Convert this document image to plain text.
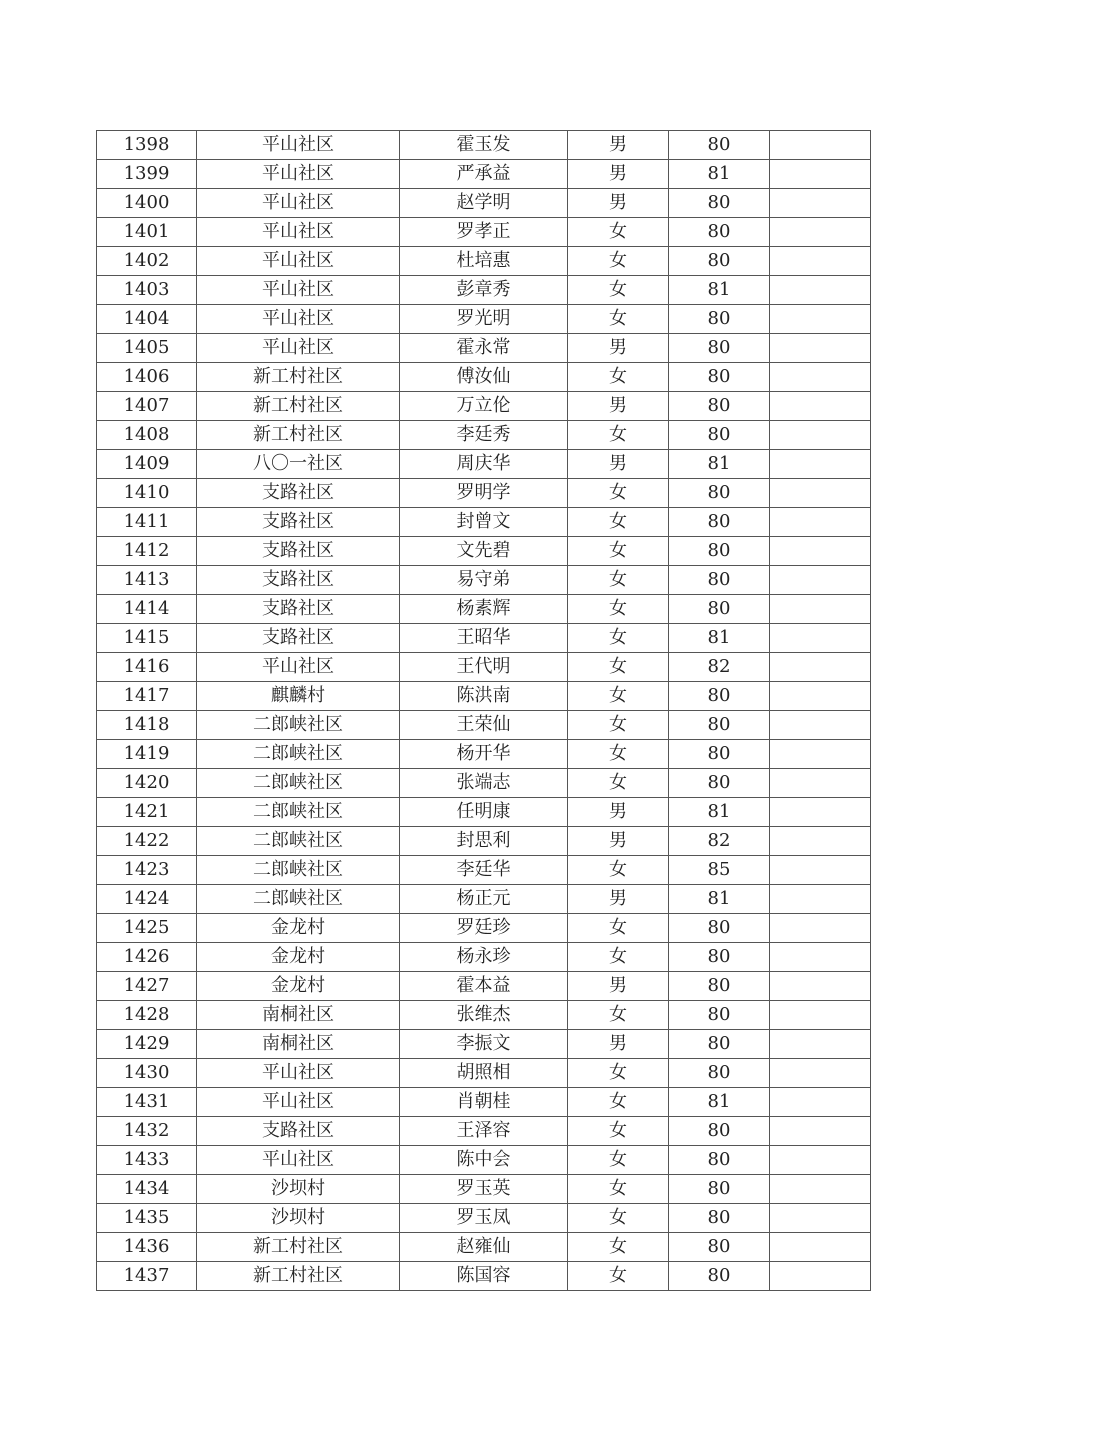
1398	平山社区	霍玉发	男	80	
1399	平山社区	严承益	男	81	
1400	平山社区	赵学明	男	80	
1401	平山社区	罗孝正	女	80	
1402	平山社区	杜培惠	女	80	
1403	平山社区	彭章秀	女	81	
1404	平山社区	罗光明	女	80	
1405	平山社区	霍永常	男	80	
1406	新工村社区	傅汝仙	女	80	
1407	新工村社区	万立伦	男	80	
1408	新工村社区	李廷秀	女	80	
1409	八〇一社区	周庆华	男	81	
1410	支路社区	罗明学	女	80	
1411	支路社区	封曾文	女	80	
1412	支路社区	文先碧	女	80	
1413	支路社区	易守弟	女	80	
1414	支路社区	杨素辉	女	80	
1415	支路社区	王昭华	女	81	
1416	平山社区	王代明	女	82	
1417	麒麟村	陈洪南	女	80	
1418	二郎峡社区	王荣仙	女	80	
1419	二郎峡社区	杨开华	女	80	
1420	二郎峡社区	张端志	女	80	
1421	二郎峡社区	任明康	男	81	
1422	二郎峡社区	封思利	男	82	
1423	二郎峡社区	李廷华	女	85	
1424	二郎峡社区	杨正元	男	81	
1425	金龙村	罗廷珍	女	80	
1426	金龙村	杨永珍	女	80	
1427	金龙村	霍本益	男	80	
1428	南桐社区	张维杰	女	80	
1429	南桐社区	李振文	男	80	
1430	平山社区	胡照相	女	80	
1431	平山社区	肖朝桂	女	81	
1432	支路社区	王泽容	女	80	
1433	平山社区	陈中会	女	80	
1434	沙坝村	罗玉英	女	80	
1435	沙坝村	罗玉凤	女	80	
1436	新工村社区	赵雍仙	女	80	
1437	新工村社区	陈国容	女	80	
